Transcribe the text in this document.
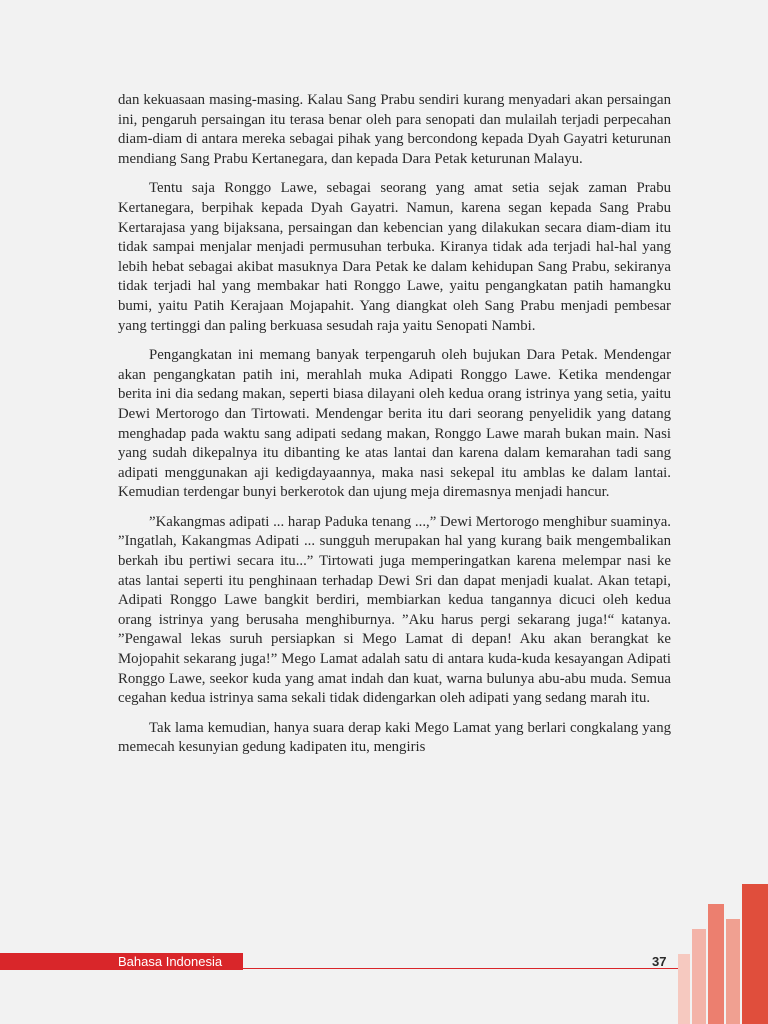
dan kekuasaan masing-masing. Kalau Sang Prabu sendiri kurang menyadari akan persaingan ini, pengaruh persaingan itu terasa benar oleh para senopati dan mulailah terjadi perpecahan diam-diam di antara mereka sebagai pihak yang bercondong kepada Dyah Gayatri keturunan mendiang Sang Prabu Kertanegara, dan kepada Dara Petak keturunan Malayu.

Tentu saja Ronggo Lawe, sebagai seorang yang amat setia sejak zaman Prabu Kertanegara, berpihak kepada Dyah Gayatri. Namun, karena segan kepada Sang Prabu Kertarajasa yang bijaksana, persaingan dan kebencian yang dilakukan secara diam-diam itu tidak sampai menjalar menjadi permusuhan terbuka. Kiranya tidak ada terjadi hal-hal yang lebih hebat sebagai akibat masuknya Dara Petak ke dalam kehidupan Sang Prabu, sekiranya tidak terjadi hal yang membakar hati Ronggo Lawe, yaitu pengangkatan patih hamangku bumi, yaitu Patih Kerajaan Mojapahit. Yang diangkat oleh Sang Prabu menjadi pembesar yang tertinggi dan paling berkuasa sesudah raja yaitu Senopati Nambi.

Pengangkatan ini memang banyak terpengaruh oleh bujukan Dara Petak. Mendengar akan pengangkatan patih ini, merahlah muka Adipati Ronggo Lawe. Ketika mendengar berita ini dia sedang makan, seperti biasa dilayani oleh kedua orang istrinya yang setia, yaitu Dewi Mertorogo dan Tirtowati. Mendengar berita itu dari seorang penyelidik yang datang menghadap pada waktu sang adipati sedang makan, Ronggo Lawe marah bukan main. Nasi yang sudah dikepalnya itu dibanting ke atas lantai dan karena dalam kemarahan tadi sang adipati menggunakan aji kedigdayaannya, maka nasi sekepal itu amblas ke dalam lantai. Kemudian terdengar bunyi berkerotok dan ujung meja diremasnya menjadi hancur.

”Kakangmas adipati ... harap Paduka tenang ...,” Dewi Mertorogo menghibur suaminya. ”Ingatlah, Kakangmas Adipati ... sungguh merupakan hal yang kurang baik mengembalikan berkah ibu pertiwi secara itu...” Tirtowati juga memperingatkan karena melempar nasi ke atas lantai seperti itu penghinaan terhadap Dewi Sri dan dapat menjadi kualat. Akan tetapi, Adipati Ronggo Lawe bangkit berdiri, membiarkan kedua tangannya dicuci oleh kedua orang istrinya yang berusaha menghiburnya. ”Aku harus pergi sekarang juga!“ katanya. ”Pengawal lekas suruh persiapkan si Mego Lamat di depan! Aku akan berangkat ke Mojopahit sekarang juga!” Mego Lamat adalah satu di antara kuda-kuda kesayangan Adipati Ronggo Lawe, seekor kuda yang amat indah dan kuat, warna bulunya abu-abu muda. Semua cegahan kedua istrinya sama sekali tidak didengarkan oleh adipati yang sedang marah itu.

Tak lama kemudian, hanya suara derap kaki Mego Lamat yang berlari congkalang yang memecah kesunyian gedung kadipaten itu, mengiris

Bahasa Indonesia	37
